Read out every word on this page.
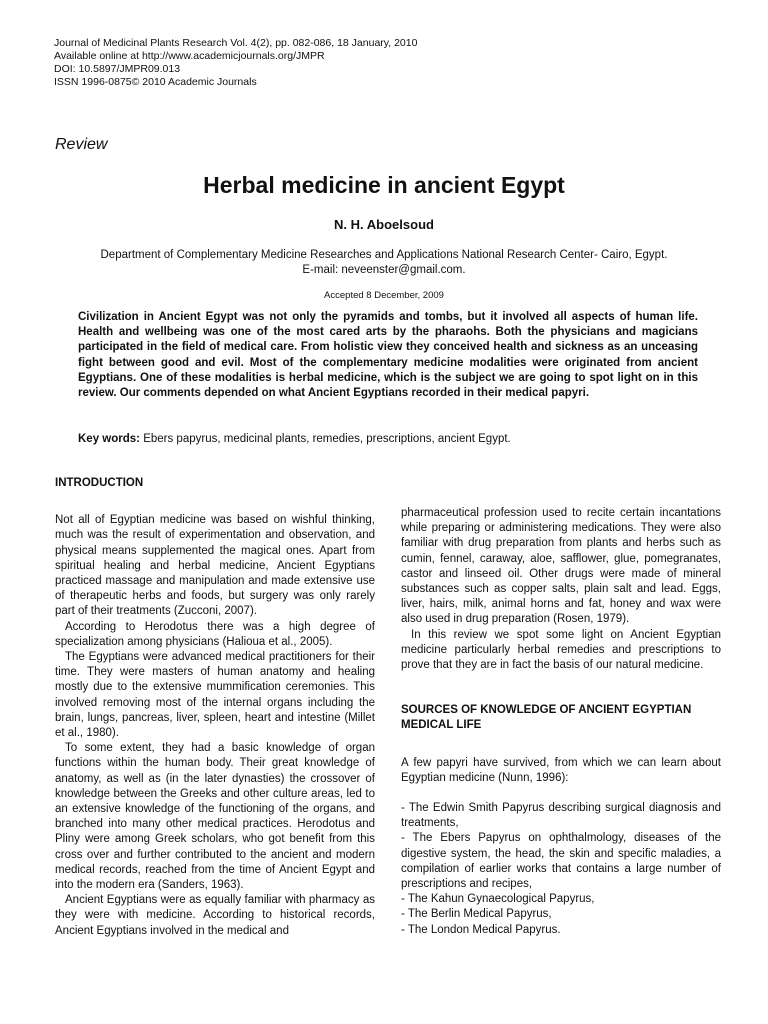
Journal of Medicinal Plants Research Vol. 4(2), pp. 082-086, 18 January, 2010
Available online at http://www.academicjournals.org/JMPR
DOI: 10.5897/JMPR09.013
ISSN 1996-0875© 2010 Academic Journals
Review
Herbal medicine in ancient Egypt
N. H. Aboelsoud
Department of Complementary Medicine Researches and Applications National Research Center- Cairo, Egypt.
E-mail: neveenster@gmail.com.
Accepted 8 December, 2009
Civilization in Ancient Egypt was not only the pyramids and tombs, but it involved all aspects of human life. Health and wellbeing was one of the most cared arts by the pharaohs. Both the physicians and magicians participated in the field of medical care. From holistic view they conceived health and sickness as an unceasing fight between good and evil. Most of the complementary medicine modalities were originated from ancient Egyptians. One of these modalities is herbal medicine, which is the subject we are going to spot light on in this review. Our comments depended on what Ancient Egyptians recorded in their medical papyri.
Key words: Ebers papyrus, medicinal plants, remedies, prescriptions, ancient Egypt.
INTRODUCTION

Not all of Egyptian medicine was based on wishful thinking, much was the result of experimentation and observation, and physical means supplemented the magical ones. Apart from spiritual healing and herbal medicine, Ancient Egyptians practiced massage and manipulation and made extensive use of therapeutic herbs and foods, but surgery was only rarely part of their treatments (Zucconi, 2007).

According to Herodotus there was a high degree of specialization among physicians (Halioua et al., 2005).

The Egyptians were advanced medical practitioners for their time. They were masters of human anatomy and healing mostly due to the extensive mummification ceremonies. This involved removing most of the internal organs including the brain, lungs, pancreas, liver, spleen, heart and intestine (Millet et al., 1980).

To some extent, they had a basic knowledge of organ functions within the human body. Their great knowledge of anatomy, as well as (in the later dynasties) the crossover of knowledge between the Greeks and other culture areas, led to an extensive knowledge of the functioning of the organs, and branched into many other medical practices. Herodotus and Pliny were among Greek scholars, who got benefit from this cross over and further contributed to the ancient and modern medical records, reached from the time of Ancient Egypt and into the modern era (Sanders, 1963).

Ancient Egyptians were as equally familiar with pharmacy as they were with medicine. According to historical records, Ancient Egyptians involved in the medical and

pharmaceutical profession used to recite certain incantations while preparing or administering medications. They were also familiar with drug preparation from plants and herbs such as cumin, fennel, caraway, aloe, safflower, glue, pomegranates, castor and linseed oil. Other drugs were made of mineral substances such as copper salts, plain salt and lead. Eggs, liver, hairs, milk, animal horns and fat, honey and wax were also used in drug preparation (Rosen, 1979).

In this review we spot some light on Ancient Egyptian medicine particularly herbal remedies and prescriptions to prove that they are in fact the basis of our natural medicine.

SOURCES OF KNOWLEDGE OF ANCIENT EGYPTIAN MEDICAL LIFE

A few papyri have survived, from which we can learn about Egyptian medicine (Nunn, 1996):

- The Edwin Smith Papyrus describing surgical diagnosis and treatments,

- The Ebers Papyrus on ophthalmology, diseases of the digestive system, the head, the skin and specific maladies, a compilation of earlier works that contains a large number of prescriptions and recipes,

- The Kahun Gynaecological Papyrus,

- The Berlin Medical Papyrus,

- The London Medical Papyrus.
